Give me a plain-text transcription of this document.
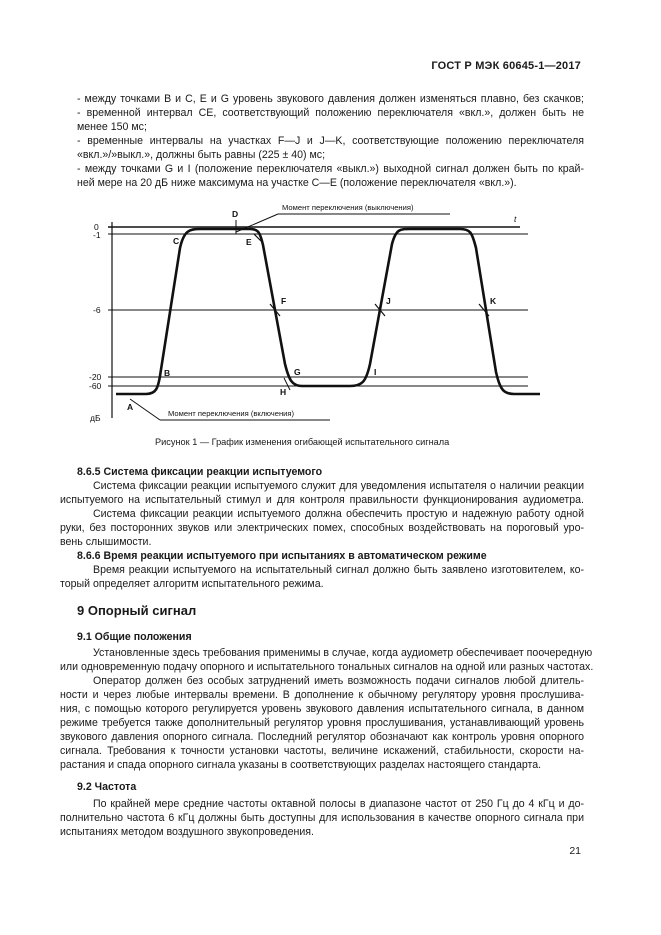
ГОСТ Р МЭК 60645-1—2017
- между точками B и C, E и G уровень звукового давления должен изменяться плавно, без скачков;
- временной интервал CE, соответствующий положению переключателя «вкл.», должен быть не
менее 150 мс;
- временные интервалы на участках F—J и J—K, соответствующие положению переключателя
«вкл.»/»выкл.», должны быть равны (225 ± 40) мс;
- между точками G и I (положение переключателя «выкл.») выходной сигнал должен быть по край-
ней мере на 20 дБ ниже максимума на участке C—E (положение переключателя «вкл.»).
0
-1
-6
-20
-60
дБ
t
A
B
C
D
E
F
G
H
I
J	K
Момент переключения (выключения)
Момент переключения (включения)
Рисунок 1 — График изменения огибающей испытательного сигнала
8.6.5 Система фиксации реакции испытуемого
Система фиксации реакции испытуемого служит для уведомления испытателя о наличии реакции
испытуемого на испытательный стимул и для контроля правильности функционирования аудиометра.
Система фиксации реакции испытуемого должна обеспечить простую и надежную работу одной
руки, без посторонних звуков или электрических помех, способных воздействовать на пороговый уро-
вень слышимости.
8.6.6 Время реакции испытуемого при испытаниях в автоматическом режиме
Время реакции испытуемого на испытательный сигнал должно быть заявлено изготовителем, ко-
торый определяет алгоритм испытательного режима.
9 Опорный сигнал
9.1 Общие положения
Установленные здесь требования применимы в случае, когда аудиометр обеспечивает поочередную
или одновременную подачу опорного и испытательного тональных сигналов на одной или разных частотах.
Оператор должен без особых затруднений иметь возможность подачи сигналов любой длитель-
ности и через любые интервалы времени. В дополнение к обычному регулятору уровня прослушива-
ния, с помощью которого регулируется уровень звукового давления испытательного сигнала, в данном
режиме требуется также дополнительный регулятор уровня прослушивания, устанавливающий уровень
звукового давления опорного сигнала. Последний регулятор обозначают как контроль уровня опорного
сигнала. Требования к точности установки частоты, величине искажений, стабильности, скорости на-
растания и спада опорного сигнала указаны в соответствующих разделах настоящего стандарта.
9.2 Частота
По крайней мере средние частоты октавной полосы в диапазоне частот от 250 Гц до 4 кГц и до-
полнительно частота 6 кГц должны быть доступны для использования в качестве опорного сигнала при
испытаниях методом воздушного звукопроведения.
21
